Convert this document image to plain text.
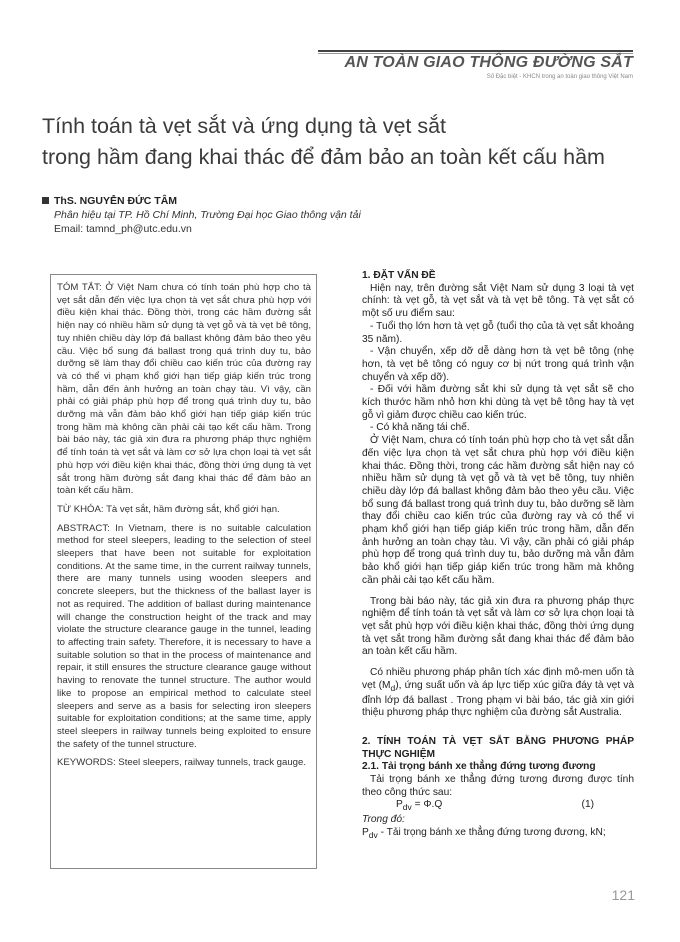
AN TOÀN GIAO THÔNG ĐƯỜNG SẮT
Số Đặc biệt - KHCN trong an toàn giao thông Việt Nam
Tính toán tà vẹt sắt và ứng dụng tà vẹt sắt
trong hầm đang khai thác để đảm bảo an toàn kết cấu hầm
ThS. NGUYỄN ĐỨC TÂM
Phân hiệu tại TP. Hồ Chí Minh, Trường Đại học Giao thông vận tải
Email: tamnd_ph@utc.edu.vn

TÓM TẮT: Ở Việt Nam chưa có tính toán phù hợp cho tà vẹt sắt dẫn đến việc lựa chọn tà vẹt sắt chưa phù hợp với điều kiện khai thác. Đồng thời, trong các hầm đường sắt hiện nay có nhiều hầm sử dụng tà vẹt gỗ và tà vẹt bê tông, tuy nhiên chiều dày lớp đá ballast không đảm bảo theo yêu cầu. Việc bổ sung đá ballast trong quá trình duy tu, bảo dưỡng sẽ làm thay đổi chiều cao kiến trúc của đường ray và có thể vi phạm khổ giới hạn tiếp giáp kiến trúc trong hầm, dẫn đến ảnh hưởng an toàn chạy tàu. Vì vậy, cần phải có giải pháp phù hợp để trong quá trình duy tu, bảo dưỡng mà vẫn đảm bảo khổ giới hạn tiếp giáp kiến trúc trong hầm mà không cần phải cải tạo kết cấu hầm. Trong bài báo này, tác giả xin đưa ra phương pháp thực nghiệm để tính toán tà vẹt sắt và làm cơ sở lựa chọn loại tà vẹt sắt phù hợp với điều kiện khai thác, đồng thời ứng dụng tà vẹt sắt trong hầm đường sắt đang khai thác để đảm bảo an toàn kết cấu hầm.

TỪ KHÓA: Tà vẹt sắt, hầm đường sắt, khổ giới hạn.

ABSTRACT: In Vietnam, there is no suitable calculation method for steel sleepers, leading to the selection of steel sleepers that have been not suitable for exploitation conditions. At the same time, in the current railway tunnels, there are many tunnels using wooden sleepers and concrete sleepers, but the thickness of the ballast layer is not as required. The addition of ballast during maintenance will change the construction height of the track and may violate the structure clearance gauge in the tunnel, leading to affecting train safety. Therefore, it is necessary to have a suitable solution so that in the process of maintenance and repair, it still ensures the structure clearance gauge without having to renovate the tunnel structure. The author would like to propose an empirical method to calculate steel sleepers and serve as a basis for selecting iron sleepers suitable for exploitation conditions; at the same time, apply steel sleepers in railway tunnels being exploited to ensure the safety of the tunnel structure.

KEYWORDS: Steel sleepers, railway tunnels, track gauge.

1. ĐẶT VẤN ĐỀ

Hiện nay, trên đường sắt Việt Nam sử dụng 3 loại tà vẹt chính: tà vẹt gỗ, tà vẹt sắt và tà vẹt bê tông. Tà vẹt sắt có một số ưu điểm sau:

- Tuổi thọ lớn hơn tà vẹt gỗ (tuổi thọ của tà vẹt sắt khoảng 35 năm).

- Vận chuyển, xếp dỡ dễ dàng hơn tà vẹt bê tông (nhẹ hơn, tà vẹt bê tông có nguy cơ bị nứt trong quá trình vận chuyển và xếp dỡ).

- Đối với hầm đường sắt khi sử dụng tà vẹt sắt sẽ cho kích thước hầm nhỏ hơn khi dùng tà vẹt bê tông hay tà vẹt gỗ vì giảm được chiều cao kiến trúc.

- Có khả năng tái chế.

Ở Việt Nam, chưa có tính toán phù hợp cho tà vẹt sắt dẫn đến việc lựa chọn tà vẹt sắt chưa phù hợp với điều kiện khai thác. Đồng thời, trong các hầm đường sắt hiện nay có nhiều hầm sử dụng tà vẹt gỗ và tà vẹt bê tông, tuy nhiên chiều dày lớp đá ballast không đảm bảo theo yêu cầu. Việc bổ sung đá ballast trong quá trình duy tu, bảo dưỡng sẽ làm thay đổi chiều cao kiến trúc của đường ray và có thể vi phạm khổ giới hạn tiếp giáp kiến trúc trong hầm, dẫn đến ảnh hưởng an toàn chạy tàu. Vì vậy, cần phải có giải pháp phù hợp để trong quá trình duy tu, bảo dưỡng mà vẫn đảm bảo khổ giới hạn tiếp giáp kiến trúc trong hầm mà không cần phải cải tạo kết cấu hầm.

Trong bài báo này, tác giả xin đưa ra phương pháp thực nghiệm để tính toán tà vẹt sắt và làm cơ sở lựa chọn loại tà vẹt sắt phù hợp với điều kiện khai thác, đồng thời ứng dụng tà vẹt sắt trong hầm đường sắt đang khai thác để đảm bảo an toàn kết cấu hầm.

Có nhiều phương pháp phân tích xác định mô-men uốn tà vẹt $(M_d)$, ứng suất uốn và áp lực tiếp xúc giữa đáy tà vẹt và đỉnh lớp đá ballast . Trong phạm vi bài báo, tác giả xin giới thiệu phương pháp thực nghiệm của đường sắt Australia.

2. TÍNH TOÁN TÀ VẸT SẮT BẰNG PHƯƠNG PHÁP THỰC NGHIỆM
2.1. Tải trọng bánh xe thẳng đứng tương đương

Tải trọng bánh xe thẳng đứng tương đương được tính theo công thức sau:

$P_{dv} = \Phi.Q$	(1)

Trong đó:

$P_{dv}$ - Tải trọng bánh xe thẳng đứng tương đương, kN;

121
